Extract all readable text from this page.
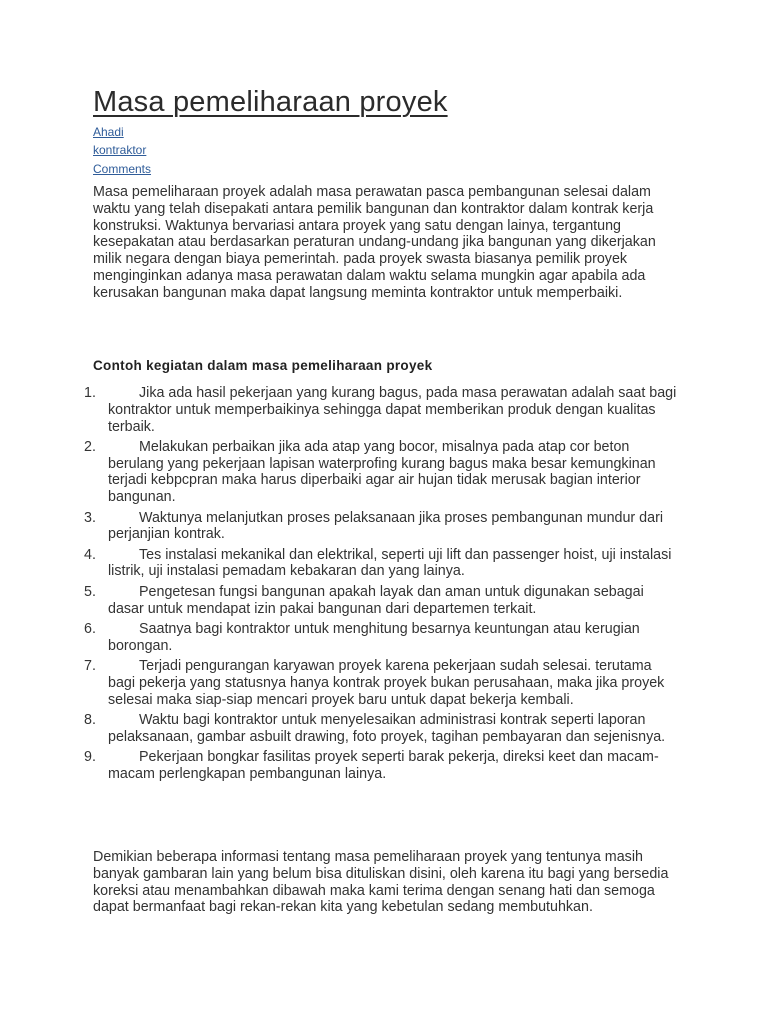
Masa pemeliharaan proyek
Ahadi
kontraktor
Comments

Masa pemeliharaan proyek adalah masa perawatan pasca pembangunan selesai dalam waktu yang telah disepakati antara pemilik bangunan dan kontraktor dalam kontrak kerja konstruksi. Waktunya bervariasi antara proyek yang satu dengan lainya, tergantung kesepakatan atau berdasarkan peraturan undang-undang jika bangunan yang dikerjakan milik negara dengan biaya pemerintah. pada proyek swasta biasanya pemilik proyek menginginkan adanya masa perawatan dalam waktu selama mungkin agar apabila ada kerusakan bangunan maka dapat langsung meminta kontraktor untuk memperbaiki.

Contoh kegiatan dalam masa pemeliharaan proyek
1.	Jika ada hasil pekerjaan yang kurang bagus, pada masa perawatan adalah saat bagi kontraktor untuk memperbaikinya sehingga dapat memberikan produk dengan kualitas terbaik.
2.	Melakukan perbaikan jika ada atap yang bocor, misalnya pada atap cor beton berulang yang pekerjaan lapisan waterprofing kurang bagus maka besar kemungkinan terjadi kebpcpran maka harus diperbaiki agar air hujan tidak merusak bagian interior bangunan.
3.	Waktunya melanjutkan proses pelaksanaan jika proses pembangunan mundur dari perjanjian kontrak.
4.	Tes instalasi mekanikal dan elektrikal, seperti uji lift dan passenger hoist, uji instalasi listrik, uji instalasi pemadam kebakaran dan yang lainya.
5.	Pengetesan fungsi bangunan apakah layak dan aman untuk digunakan sebagai dasar untuk mendapat izin pakai bangunan dari departemen terkait.
6.	Saatnya bagi kontraktor untuk menghitung besarnya keuntungan atau kerugian borongan.
7.	Terjadi pengurangan karyawan proyek karena pekerjaan sudah selesai. terutama bagi pekerja yang statusnya hanya kontrak proyek bukan perusahaan, maka jika proyek selesai maka siap-siap mencari proyek baru untuk dapat bekerja kembali.
8.	Waktu bagi kontraktor untuk menyelesaikan administrasi kontrak seperti laporan pelaksanaan, gambar asbuilt drawing, foto proyek, tagihan pembayaran dan sejenisnya.
9.	Pekerjaan bongkar fasilitas proyek seperti barak pekerja, direksi keet dan macam-macam perlengkapan pembangunan lainya.

Demikian beberapa informasi tentang masa pemeliharaan proyek yang tentunya masih banyak gambaran lain yang belum bisa dituliskan disini, oleh karena itu bagi yang bersedia koreksi atau menambahkan dibawah maka kami terima dengan senang hati dan semoga dapat bermanfaat bagi rekan-rekan kita yang kebetulan sedang membutuhkan.
